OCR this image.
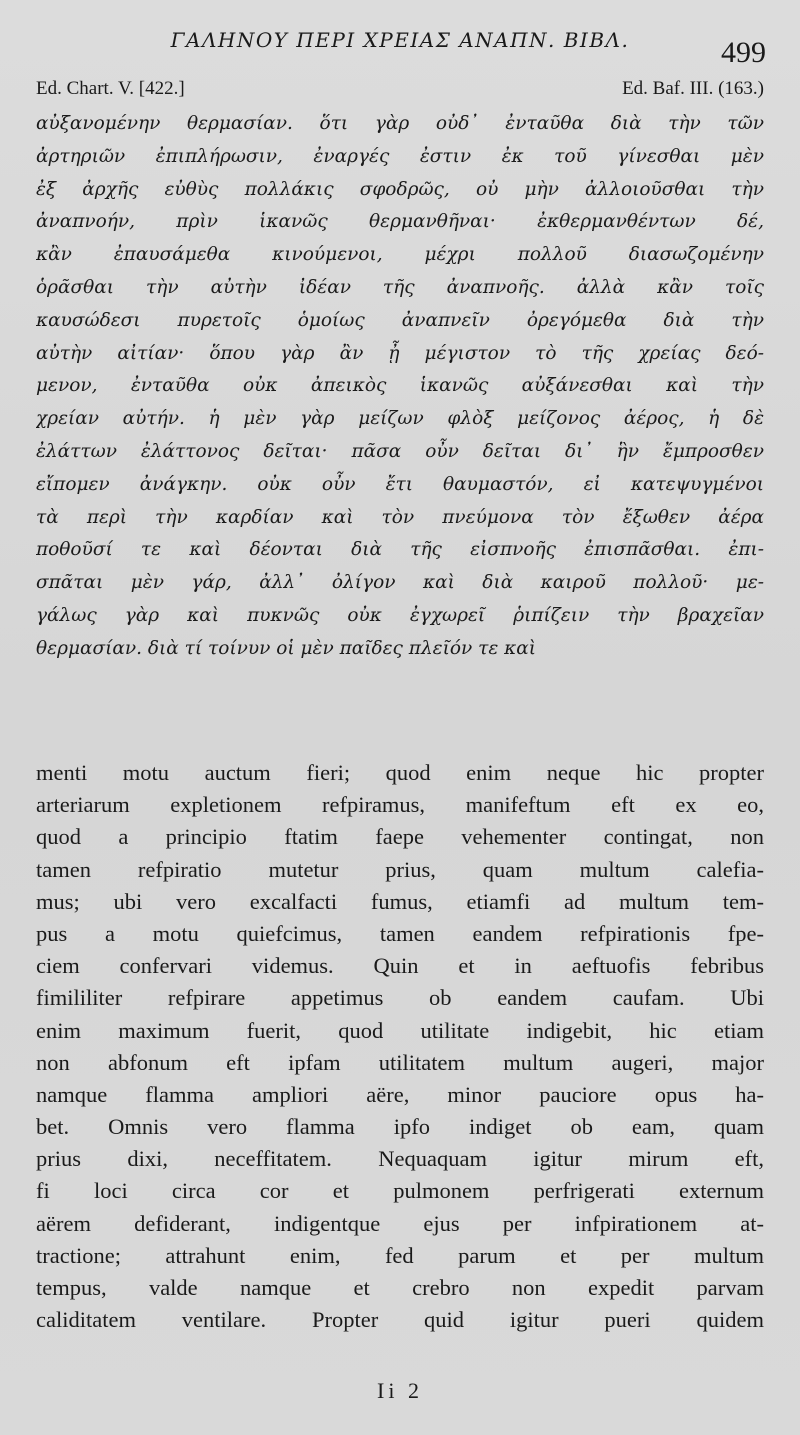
ΓΑΛΗΝΟΥ ΠΕΡΙ ΧΡΕΙΑΣ ΑΝΑΠΝ. ΒΙΒΛ.	499
Ed. Chart. V. [422.]	Ed. Baf. III. (163.)
αὐξανομένην θερμασίαν. ὅτι γὰρ οὐδ᾽ ἐνταῦθα διὰ τὴν τῶν
ἀρτηριῶν ἐπιπλήρωσιν, ἐναργές ἐστιν ἐκ τοῦ γίνεσθαι μὲν
ἐξ ἀρχῆς εὐθὺς πολλάκις σφοδρῶς, οὐ μὴν ἀλλοιοῦσθαι τὴν
ἀναπνοήν, πρὶν ἱκανῶς θερμανθῆναι· ἐκθερμανθέντων δέ,
κἂν ἐπαυσάμεθα κινούμενοι, μέχρι πολλοῦ διασωζομένην
ὁρᾶσθαι τὴν αὐτὴν ἰδέαν τῆς ἀναπνοῆς. ἀλλὰ κἂν τοῖς
καυσώδεσι πυρετοῖς ὁμοίως ἀναπνεῖν ὀρεγόμεθα διὰ τὴν
αὐτὴν αἰτίαν· ὅπου γὰρ ἂν ᾖ μέγιστον τὸ τῆς χρείας δεό-
μενον, ἐνταῦθα οὐκ ἀπεικὸς ἱκανῶς αὐξάνεσθαι καὶ τὴν
χρείαν αὐτήν. ἡ μὲν γὰρ μείζων φλὸξ μείζονος ἀέρος, ἡ δὲ
ἐλάττων ἐλάττονος δεῖται· πᾶσα οὖν δεῖται δι᾽ ἣν ἔμπροσθεν
εἴπομεν ἀνάγκην. οὐκ οὖν ἔτι θαυμαστόν, εἰ κατεψυγμένοι
τὰ περὶ τὴν καρδίαν καὶ τὸν πνεύμονα τὸν ἔξωθεν ἀέρα
ποθοῦσί τε καὶ δέονται διὰ τῆς εἰσπνοῆς ἐπισπᾶσθαι. ἐπι-
σπᾶται μὲν γάρ, ἀλλ᾽ ὀλίγον καὶ διὰ καιροῦ πολλοῦ· με-
γάλως γὰρ καὶ πυκνῶς οὐκ ἐγχωρεῖ ῥιπίζειν τὴν βραχεῖαν
θερμασίαν. διὰ τί τοίνυν οἱ μὲν παῖδες πλεῖόν τε καὶ
menti motu auctum fieri; quod enim neque hic propter
arteriarum expletionem refpiramus, manifeftum eft ex eo,
quod a principio ftatim faepe vehementer contingat, non
tamen refpiratio mutetur prius, quam multum calefia-
mus; ubi vero excalfacti fumus, etiamfi ad multum tem-
pus a motu quiefcimus, tamen eandem refpirationis fpe-
ciem confervari videmus. Quin et in aeftuofis febribus
fimililiter refpirare appetimus ob eandem caufam. Ubi
enim maximum fuerit, quod utilitate indigebit, hic etiam
non abfonum eft ipfam utilitatem multum augeri, major
namque flamma ampliori aëre, minor pauciore opus ha-
bet. Omnis vero flamma ipfo indiget ob eam, quam
prius dixi, neceffitatem. Nequaquam igitur mirum eft,
fi loci circa cor et pulmonem perfrigerati externum
aërem defiderant, indigentque ejus per infpirationem at-
tractione; attrahunt enim, fed parum et per multum
tempus, valde namque et crebro non expedit parvam
caliditatem ventilare. Propter quid igitur pueri quidem
Ii 2
